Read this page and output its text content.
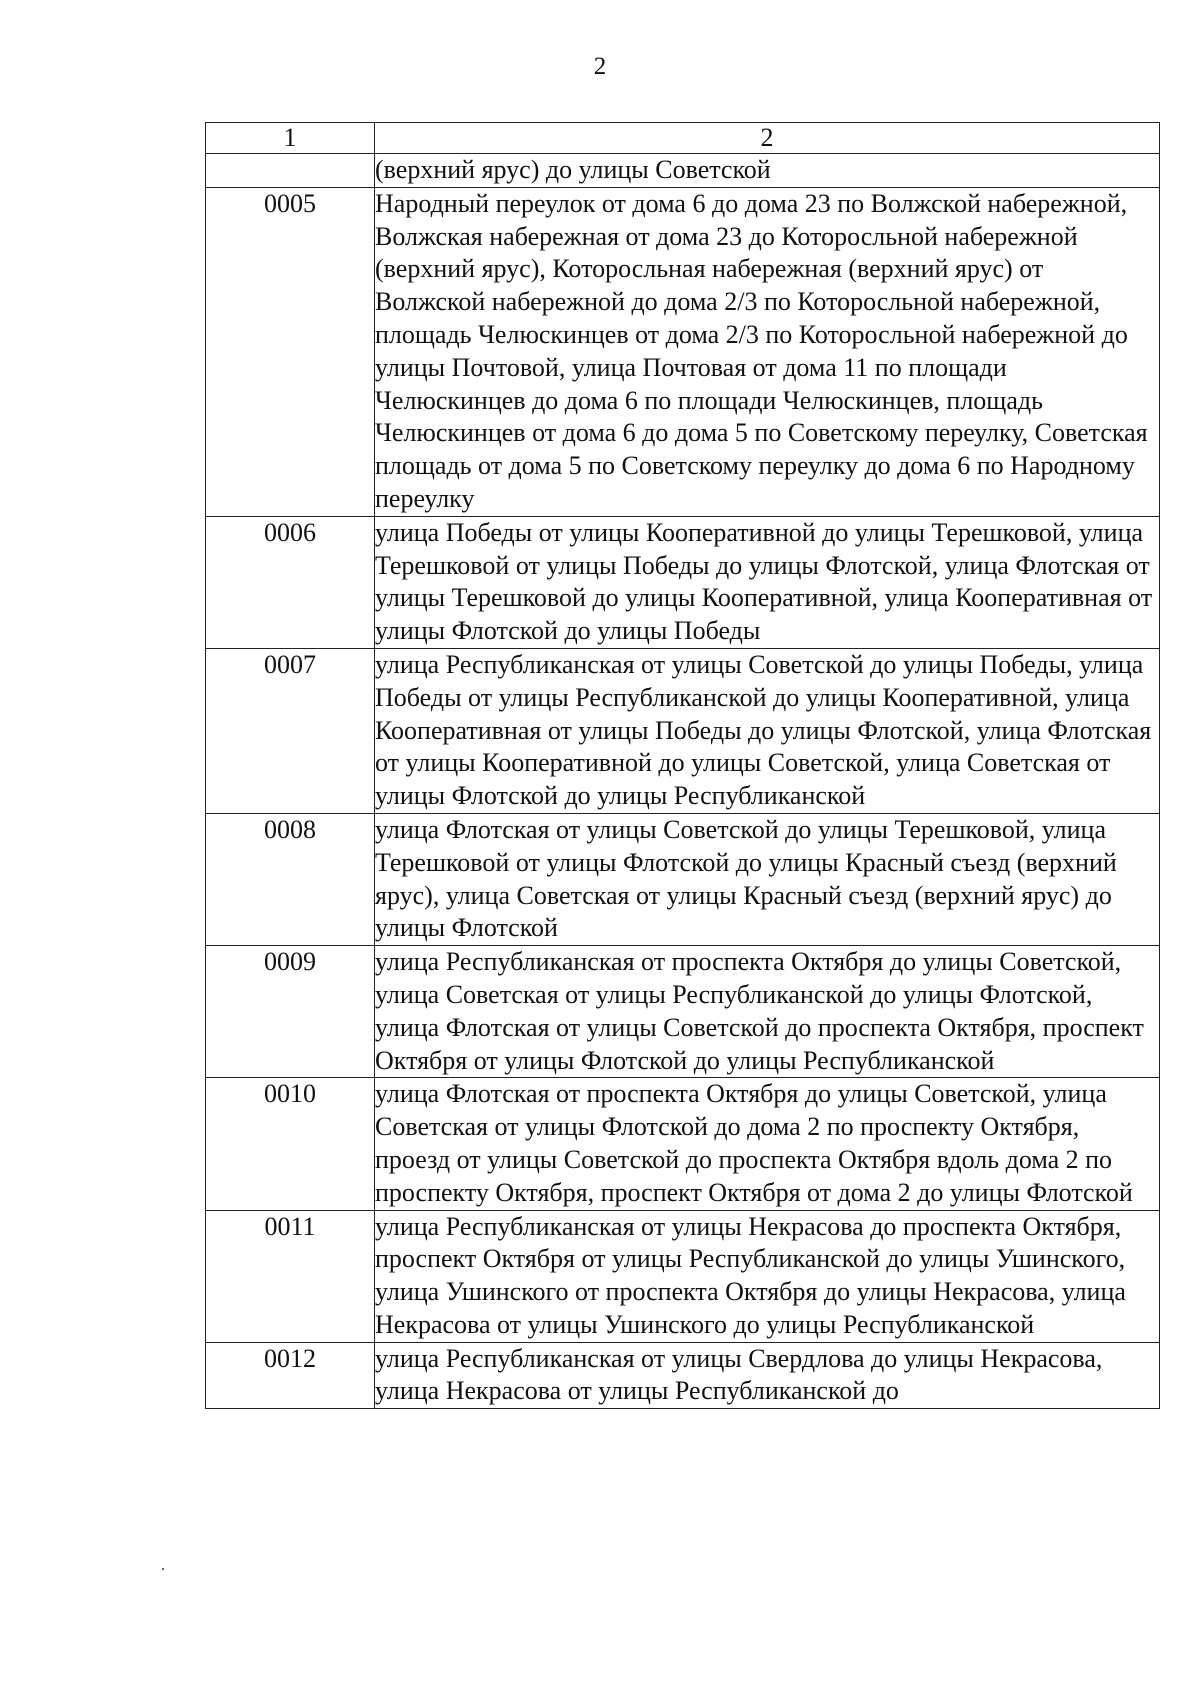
2
1	2
	(верхний ярус) до улицы Советской
0005	Народный переулок от дома 6 до дома 23 по Волжской набережной, Волжская набережная от дома 23 до Которосльной набережной (верхний ярус), Которосльная набережная (верхний ярус) от Волжской набережной до дома 2/3 по Которосльной набережной, площадь Челюскинцев от дома 2/3 по Которосльной набережной до улицы Почтовой, улица Почтовая от дома 11 по площади Челюскинцев до дома 6 по площади Челюскинцев, площадь Челюскинцев от дома 6 до дома 5 по Советскому переулку, Советская площадь от дома 5 по Советскому переулку до дома 6 по Народному переулку
0006	улица Победы от улицы Кооперативной до улицы Терешковой, улица Терешковой от улицы Победы до улицы Флотской, улица Флотская от улицы Терешковой до улицы Кооперативной, улица Кооперативная от улицы Флотской до улицы Победы
0007	улица Республиканская от улицы Советской до улицы Победы, улица Победы от улицы Республиканской до улицы Кооперативной, улица Кооперативная от улицы Победы до улицы Флотской, улица Флотская от улицы Кооперативной до улицы Советской, улица Советская от улицы Флотской до улицы Республиканской
0008	улица Флотская от улицы Советской до улицы Терешковой, улица Терешковой от улицы Флотской до улицы Красный съезд (верхний ярус), улица Советская от улицы Красный съезд (верхний ярус) до улицы Флотской
0009	улица Республиканская от проспекта Октября до улицы Советской, улица Советская от улицы Республиканской до улицы Флотской, улица Флотская от улицы Советской до проспекта Октября, проспект Октября от улицы Флотской до улицы Республиканской
0010	улица Флотская от проспекта Октября до улицы Советской, улица Советская от улицы Флотской до дома 2 по проспекту Октября, проезд от улицы Советской до проспекта Октября вдоль дома 2 по проспекту Октября, проспект Октября от дома 2 до улицы Флотской
0011	улица Республиканская от улицы Некрасова до проспекта Октября, проспект Октября от улицы Республиканской до улицы Ушинского, улица Ушинского от проспекта Октября до улицы Некрасова, улица Некрасова от улицы Ушинского до улицы Республиканской
0012	улица Республиканская от улицы Свердлова до улицы Некрасова, улица Некрасова от улицы Республиканской до
